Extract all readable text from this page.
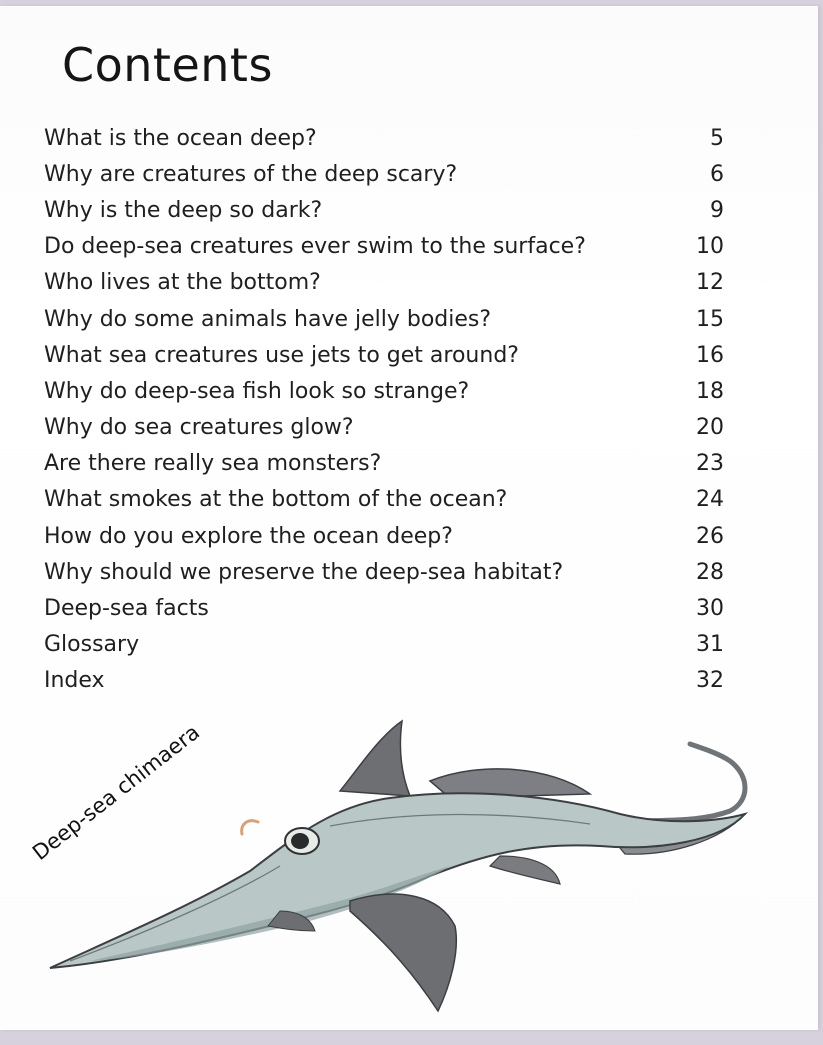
Contents
What is the ocean deep?	5
Why are creatures of the deep scary?	6
Why is the deep so dark?	9
Do deep-sea creatures ever swim to the surface?	10
Who lives at the bottom?	12
Why do some animals have jelly bodies?	15
What sea creatures use jets to get around?	16
Why do deep-sea fish look so strange?	18
Why do sea creatures glow?	20
Are there really sea monsters?	23
What smokes at the bottom of the ocean?	24
How do you explore the ocean deep?	26
Why should we preserve the deep-sea habitat?	28
Deep-sea facts	30
Glossary	31
Index	32
Deep-sea chimaera
